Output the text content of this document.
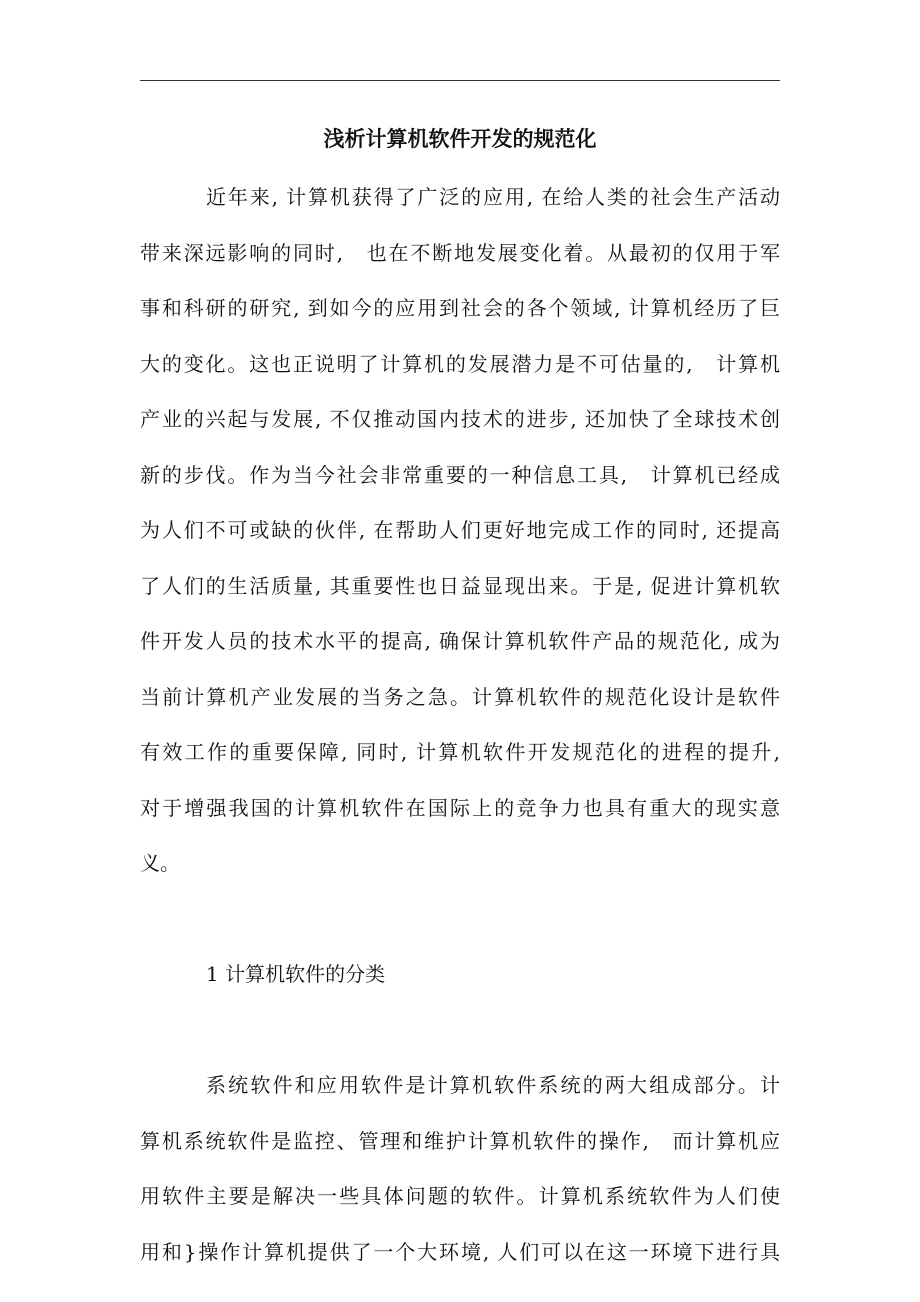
浅析计算机软件开发的规范化
近年来, 计算机获得了广泛的应用, 在给人类的社会生产活动
带来深远影响的同时,　也在不断地发展变化着。从最初的仅用于军
事和科研的研究, 到如今的应用到社会的各个领域, 计算机经历了巨
大的变化。这也正说明了计算机的发展潜力是不可估量的,　计算机
产业的兴起与发展, 不仅推动国内技术的进步, 还加快了全球技术创
新的步伐。作为当今社会非常重要的一种信息工具,　计算机已经成
为人们不可或缺的伙伴, 在帮助人们更好地完成工作的同时, 还提高
了人们的生活质量, 其重要性也日益显现出来。于是, 促进计算机软
件开发人员的技术水平的提高, 确保计算机软件产品的规范化, 成为
当前计算机产业发展的当务之急。计算机软件的规范化设计是软件
有效工作的重要保障, 同时, 计算机软件开发规范化的进程的提升,
对于增强我国的计算机软件在国际上的竞争力也具有重大的现实意
义。
1 计算机软件的分类
系统软件和应用软件是计算机软件系统的两大组成部分。计
算机系统软件是监控、管理和维护计算机软件的操作,　而计算机应
用软件主要是解决一些具体问题的软件。计算机系统软件为人们使
用和}操作计算机提供了一个大环境, 人们可以在这一环境下进行具
